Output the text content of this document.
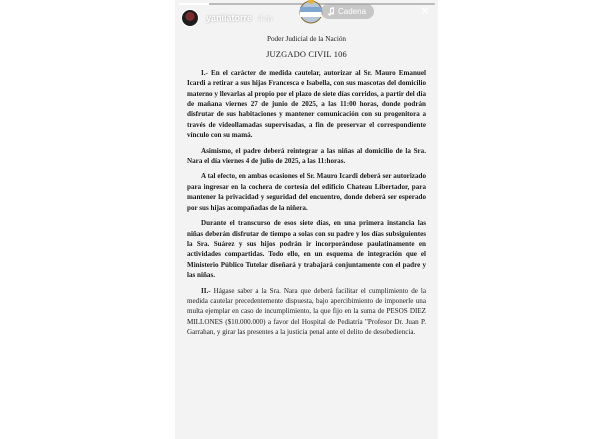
Poder Judicial de la Nación
JUZGADO CIVIL 106

I.- En el carácter de medida cautelar, autorizar al Sr. Mauro Emanuel Icardi a retirar a sus hijas Francesca e Isabella, con sus mascotas del domicilio materno y llevarlas al propio por el plazo de siete días corridos, a partir del día de mañana viernes 27 de junio de 2025, a las 11:00 horas, donde podrán disfrutar de sus habitaciones y mantener comunicación con su progenitora a través de videollamadas supervisadas, a fin de preservar el correspondiente vínculo con su mamá.

Asimismo, el padre deberá reintegrar a las niñas al domicilio de la Sra. Nara el día viernes 4 de julio de 2025, a las 11:horas.

A tal efecto, en ambas ocasiones el Sr. Mauro Icardi deberá ser autorizado para ingresar en la cochera de cortesía del edificio Chateau Libertador, para mantener la privacidad y seguridad del encuentro, donde deberá ser esperado por sus hijas acompañadas de la niñera.

Durante el transcurso de esos siete días, en una primera instancia las niñas deberán disfrutar de tiempo a solas con su padre y los días subsiguientes la Sra. Suárez y sus hijos podrán ir incorporándose paulatinamente en actividades compartidas. Todo ello, en un esquema de integración que el Ministerio Público Tutelar diseñará y trabajará conjuntamente con el padre y las niñas.

II.- Hágase saber a la Sra. Nara que deberá facilitar el cumplimiento de la medida cautelar precedentemente dispuesta, bajo apercibimiento de imponerle una multa ejemplar en caso de incumplimiento, la que fijo en la suma de PESOS DIEZ MILLONES ($10.000.000) a favor del Hospital de Pediatría "Profesor Dr. Juan P. Garrahan, y girar las presentes a la justicia penal ante el delito de desobediencia.

yanilatorre 4 m
Cadena	✕
